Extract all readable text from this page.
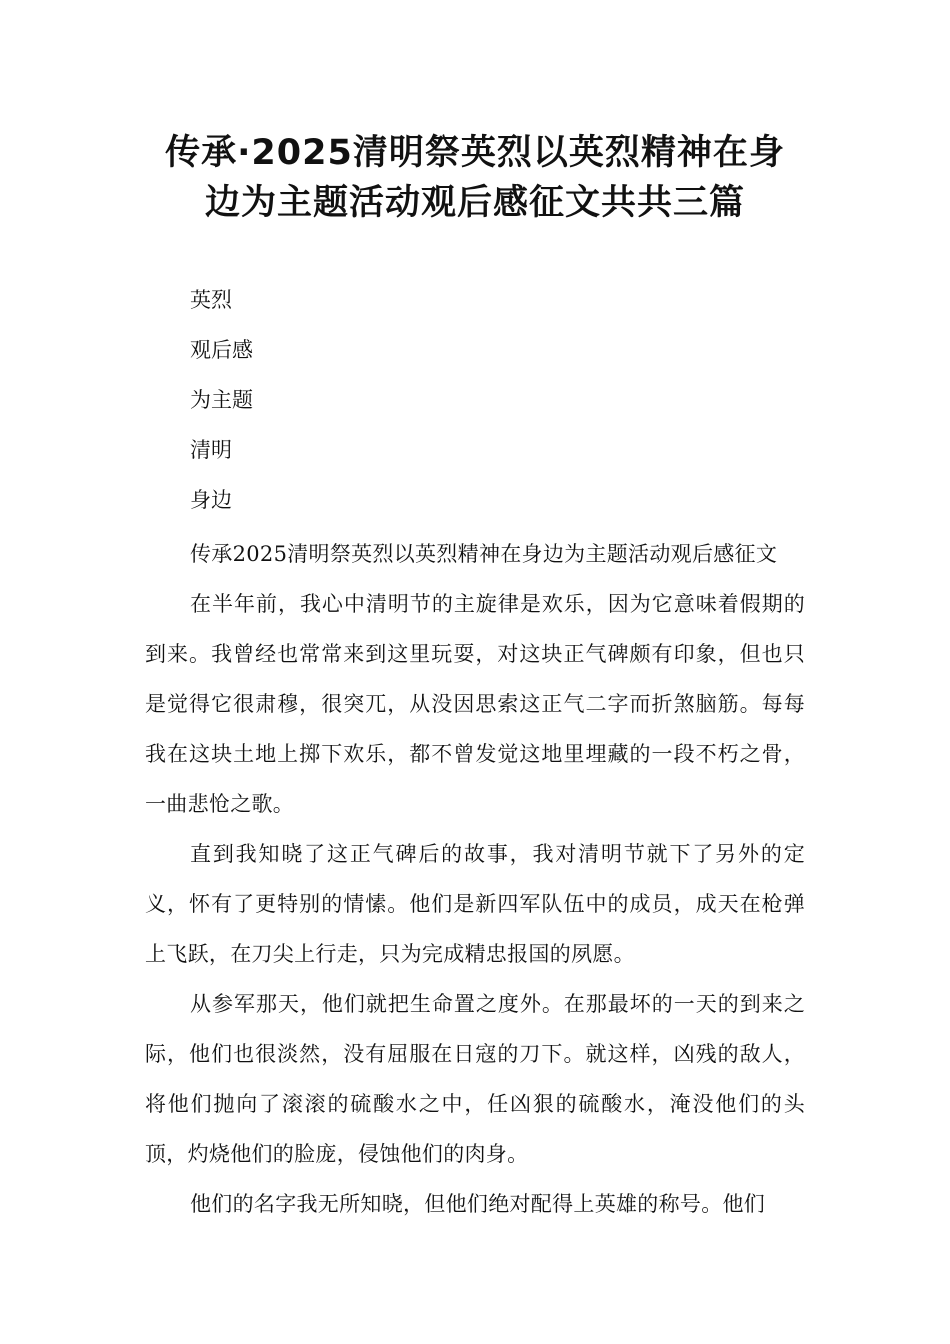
传承·2025清明祭英烈以英烈精神在身
边为主题活动观后感征文共共三篇
英烈
观后感
为主题
清明
身边

传承2025清明祭英烈以英烈精神在身边为主题活动观后感征文

在半年前，我心中清明节的主旋律是欢乐，因为它意味着假期的到来。我曾经也常常来到这里玩耍，对这块正气碑颇有印象，但也只是觉得它很肃穆，很突兀，从没因思索这正气二字而折煞脑筋。每每我在这块土地上掷下欢乐，都不曾发觉这地里埋藏的一段不朽之骨，一曲悲怆之歌。

直到我知晓了这正气碑后的故事，我对清明节就下了另外的定义，怀有了更特别的情愫。他们是新四军队伍中的成员，成天在枪弹上飞跃，在刀尖上行走，只为完成精忠报国的夙愿。

从参军那天，他们就把生命置之度外。在那最坏的一天的到来之际，他们也很淡然，没有屈服在日寇的刀下。就这样，凶残的敌人，将他们抛向了滚滚的硫酸水之中，任凶狠的硫酸水，淹没他们的头顶，灼烧他们的脸庞，侵蚀他们的肉身。

他们的名字我无所知晓，但他们绝对配得上英雄的称号。他们
